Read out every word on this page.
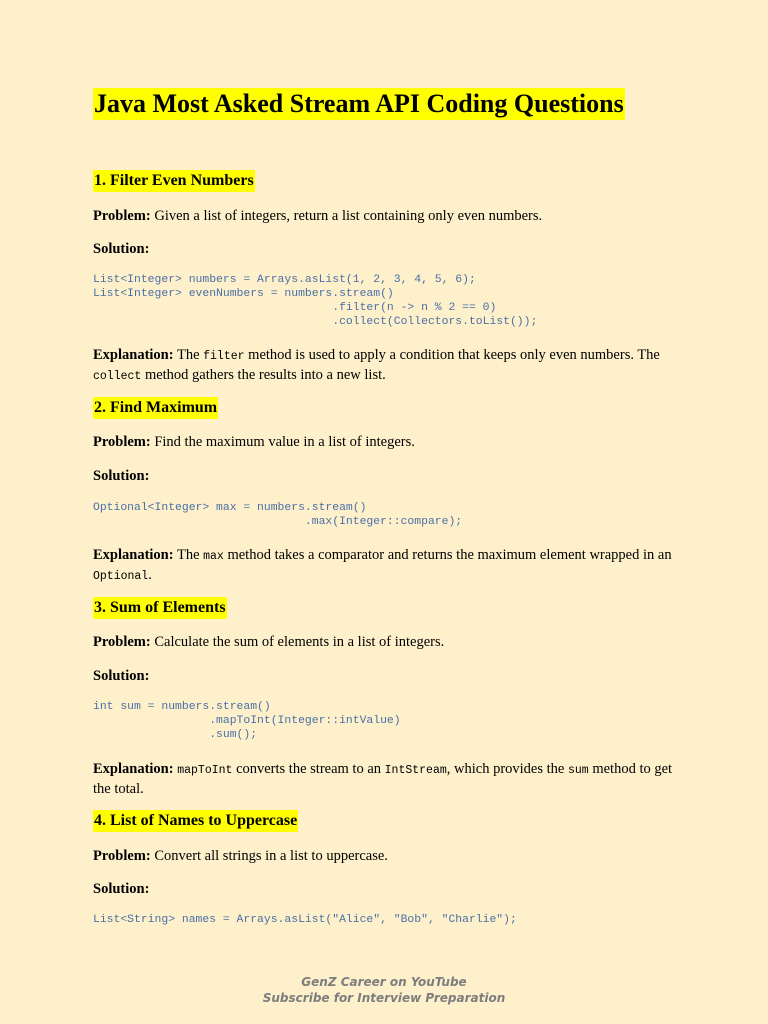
Java Most Asked Stream API Coding Questions
1. Filter Even Numbers
Problem: Given a list of integers, return a list containing only even numbers.
Solution:
List<Integer> numbers = Arrays.asList(1, 2, 3, 4, 5, 6);
List<Integer> evenNumbers = numbers.stream()
.filter(n -> n % 2 == 0)
.collect(Collectors.toList());
Explanation: The filter method is used to apply a condition that keeps only even numbers. The collect method gathers the results into a new list.
2. Find Maximum
Problem: Find the maximum value in a list of integers.
Solution:
Optional<Integer> max = numbers.stream()
.max(Integer::compare);
Explanation: The max method takes a comparator and returns the maximum element wrapped in an Optional.
3. Sum of Elements
Problem: Calculate the sum of elements in a list of integers.
Solution:
int sum = numbers.stream()
.mapToInt(Integer::intValue)
.sum();
Explanation: mapToInt converts the stream to an IntStream, which provides the sum method to get the total.
4. List of Names to Uppercase
Problem: Convert all strings in a list to uppercase.
Solution:
List<String> names = Arrays.asList("Alice", "Bob", "Charlie");
GenZ Career on YouTube
Subscribe for Interview Preparation
